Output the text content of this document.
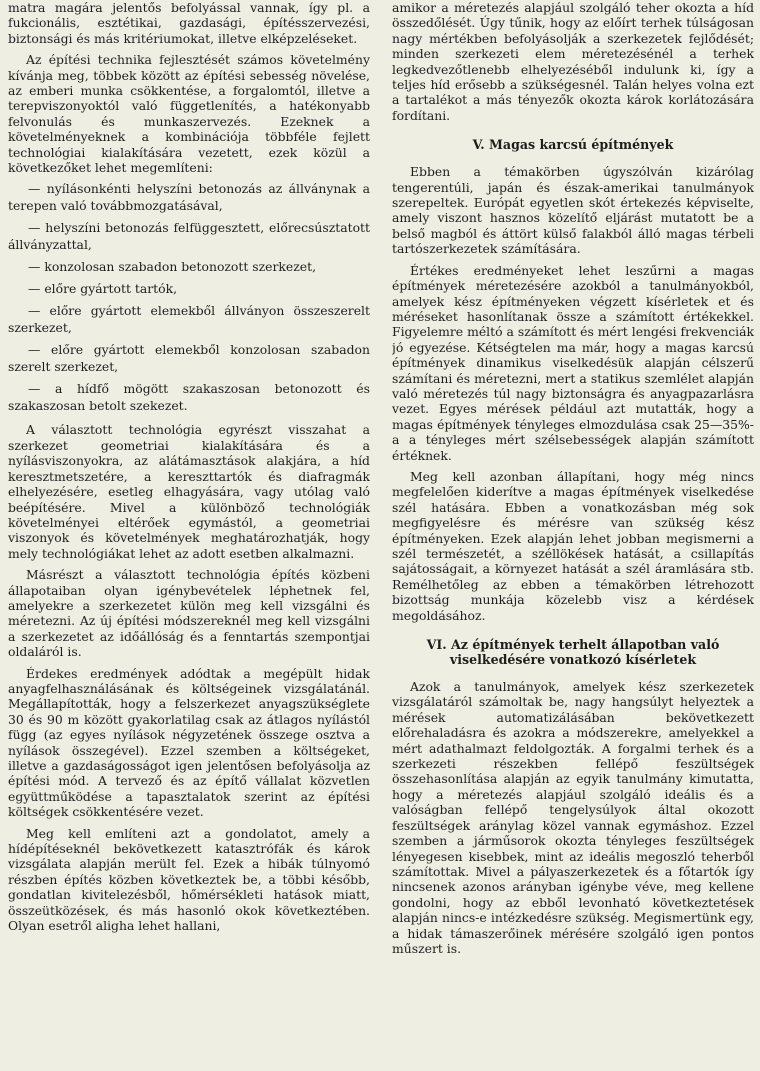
matra magára jelentős befolyással vannak, így pl. a fukcionális, esztétikai, gazdasági, építésszervezési, biztonsági és más kritériumokat, illetve elképzeléseket.

Az építési technika fejlesztését számos követelmény kívánja meg, többek között az építési sebesség növelése, az emberi munka csökkentése, a forgalomtól, illetve a terepviszonyoktól való függetlenítés, a hatékonyabb felvonulás és munkaszervezés. Ezeknek a követelményeknek a kombinációja többféle fejlett technológiai kialakítására vezetett, ezek közül a következőket lehet megemlíteni:

— nyílásonkénti helyszíni betonozás az állványnak a terepen való továbbmozgatásával,

— helyszíni betonozás felfüggesztett, előrecsúsztatott állványzattal,

— konzolosan szabadon betonozott szerkezet,

— előre gyártott tartók,

— előre gyártott elemekből állványon összeszerelt szerkezet,

— előre gyártott elemekből konzolosan szabadon szerelt szerkezet,

— a hídfő mögött szakaszosan betonozott és szakaszosan betolt szekezet.

A választott technológia egyrészt visszahat a szerkezet geometriai kialakítására és a nyílásviszonyokra, az alátámasztások alakjára, a híd keresztmetszetére, a kereszttartók és diafragmák elhelyezésére, esetleg elhagyására, vagy utólag való beépítésére. Mivel a különböző technológiák követelményei eltérőek egymástól, a geometriai viszonyok és követelmények meghatározhatják, hogy mely technológiákat lehet az adott esetben alkalmazni.

Másrészt a választott technológia építés közbeni állapotaiban olyan igénybevételek léphetnek fel, amelyekre a szerkezetet külön meg kell vizsgálni és méretezni. Az új építési módszereknél meg kell vizsgálni a szerkezetet az időállóság és a fenntartás szempontjai oldaláról is.

Érdekes eredmények adódtak a megépült hidak anyagfelhasználásának és költségeinek vizsgálatánál. Megállapították, hogy a felszerkezet anyagszükséglete 30 és 90 m között gyakorlatilag csak az átlagos nyílástól függ (az egyes nyílások négyzetének összege osztva a nyílások összegével). Ezzel szemben a költségeket, illetve a gazdaságosságot igen jelentősen befolyásolja az építési mód. A tervező és az építő vállalat közvetlen együttműködése a tapasztalatok szerint az építési költségek csökkentésére vezet.

Meg kell említeni azt a gondolatot, amely a hídépítéseknél bekövetkezett katasztrófák és károk vizsgálata alapján merült fel. Ezek a hibák túlnyomó részben építés közben következtek be, a többi később, gondatlan kivitelezésből, hőmérsékleti hatások miatt, összeütközések, és más hasonló okok következtében. Olyan esetről aligha lehet hallani,

amikor a méretezés alapjául szolgáló teher okozta a híd összedőlését. Úgy tűnik, hogy az előírt terhek túlságosan nagy mértékben befolyásolják a szerkezetek fejlődését; minden szerkezeti elem méretezésénél a terhek legkedvezőtlenebb elhelyezéséből indulunk ki, így a teljes híd erősebb a szükségesnél. Talán helyes volna ezt a tartalékot a más tényezők okozta károk korlátozására fordítani.

V. Magas karcsú építmények

Ebben a témakörben úgyszólván kizárólag tengerentúli, japán és észak-amerikai tanulmányok szerepeltek. Európát egyetlen skót értekezés képviselte, amely viszont hasznos közelítő eljárást mutatott be a belső magból és áttört külső falakból álló magas térbeli tartószerkezetek számítására.

Értékes eredményeket lehet leszűrni a magas építmények méretezésére azokból a tanulmányokból, amelyek kész építményeken végzett kísérletek et és méréseket hasonlítanak össze a számított értékekkel. Figyelemre méltó a számított és mért lengési frekvenciák jó egyezése. Kétségtelen ma már, hogy a magas karcsú építmények dinamikus viselkedésük alapján célszerű számítani és méretezni, mert a statikus szemlélet alapján való méretezés túl nagy biztonságra és anyagpazarlásra vezet. Egyes mérések például azt mutatták, hogy a magas építmények tényleges elmozdulása csak 25—35%-a a tényleges mért szélsebességek alapján számított értéknek.

Meg kell azonban állapítani, hogy még nincs megfelelően kiderítve a magas építmények viselkedése szél hatására. Ebben a vonatkozásban még sok megfigyelésre és mérésre van szükség kész építményeken. Ezek alapján lehet jobban megismerni a szél természetét, a széllökések hatását, a csillapítás sajátosságait, a környezet hatását a szél áramlására stb. Remélhetőleg az ebben a témakörben létrehozott bizottság munkája közelebb visz a kérdések megoldásához.

VI. Az építmények terhelt állapotban való
viselkedésére vonatkozó kísérletek

Azok a tanulmányok, amelyek kész szerkezetek vizsgálatáról számoltak be, nagy hangsúlyt helyeztek a mérések automatizálásában bekövetkezett előrehaladásra és azokra a módszerekre, amelyekkel a mért adathalmazt feldolgozták. A forgalmi terhek és a szerkezeti részekben fellépő feszültségek összehasonlítása alapján az egyik tanulmány kimutatta, hogy a méretezés alapjául szolgáló ideális és a valóságban fellépő tengelysúlyok által okozott feszültségek aránylag közel vannak egymáshoz. Ezzel szemben a járműsorok okozta tényleges feszültségek lényegesen kisebbek, mint az ideális megoszló teherből számítottak. Mivel a pályaszerkezetek és a főtartók így nincsenek azonos arányban igénybe véve, meg kellene gondolni, hogy az ebből levonható következtetések alapján nincs-e intézkedésre szükség. Megismertünk egy, a hidak támaszerőinek mérésére szolgáló igen pontos műszert is.
